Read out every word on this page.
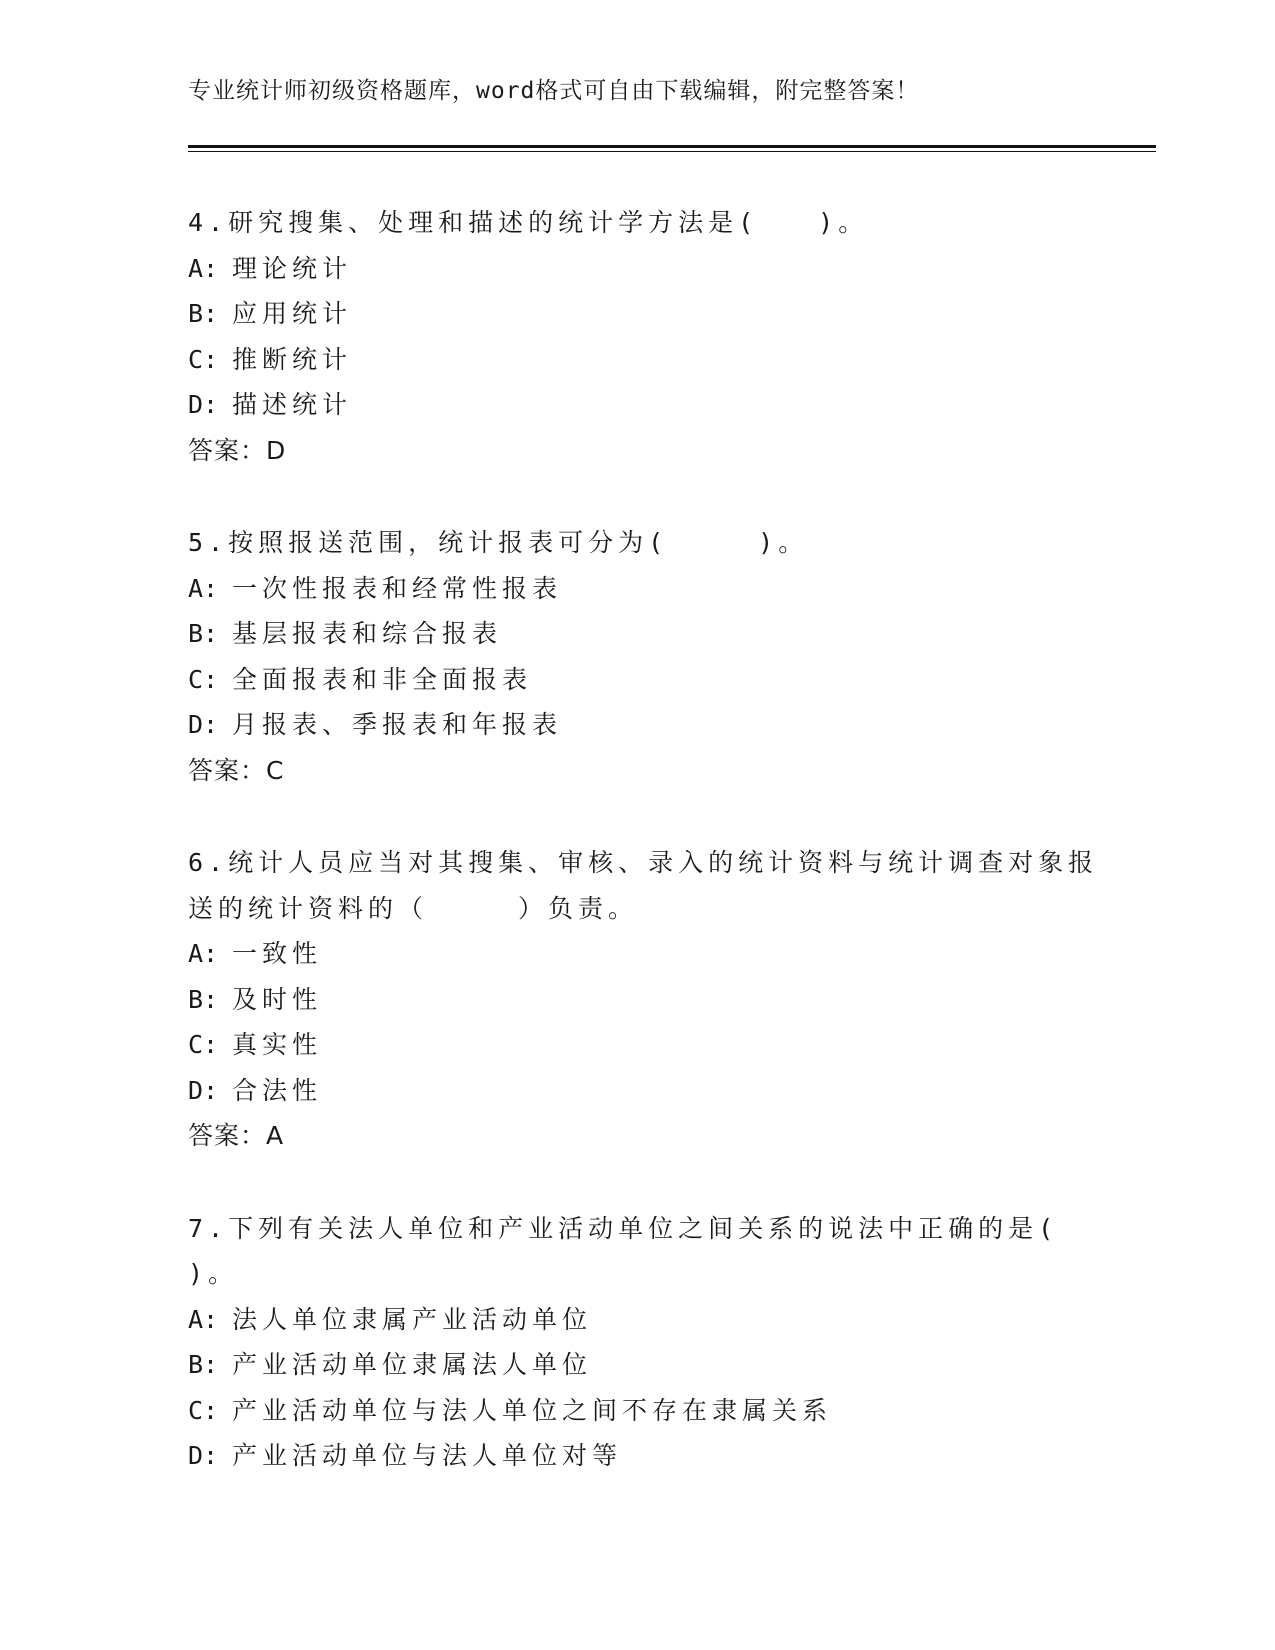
专业统计师初级资格题库，word格式可自由下载编辑，附完整答案！
4.研究搜集、处理和描述的统计学方法是(　　)。
A: 理论统计
B: 应用统计
C: 推断统计
D: 描述统计
答案：D
5.按照报送范围，统计报表可分为(　　　)。
A: 一次性报表和经常性报表
B: 基层报表和综合报表
C: 全面报表和非全面报表
D: 月报表、季报表和年报表
答案：C
6.统计人员应当对其搜集、审核、录入的统计资料与统计调查对象报
送的统计资料的（　　　）负责。
A: 一致性
B: 及时性
C: 真实性
D: 合法性
答案：A
7.下列有关法人单位和产业活动单位之间关系的说法中正确的是(
)。
A: 法人单位隶属产业活动单位
B: 产业活动单位隶属法人单位
C: 产业活动单位与法人单位之间不存在隶属关系
D: 产业活动单位与法人单位对等
